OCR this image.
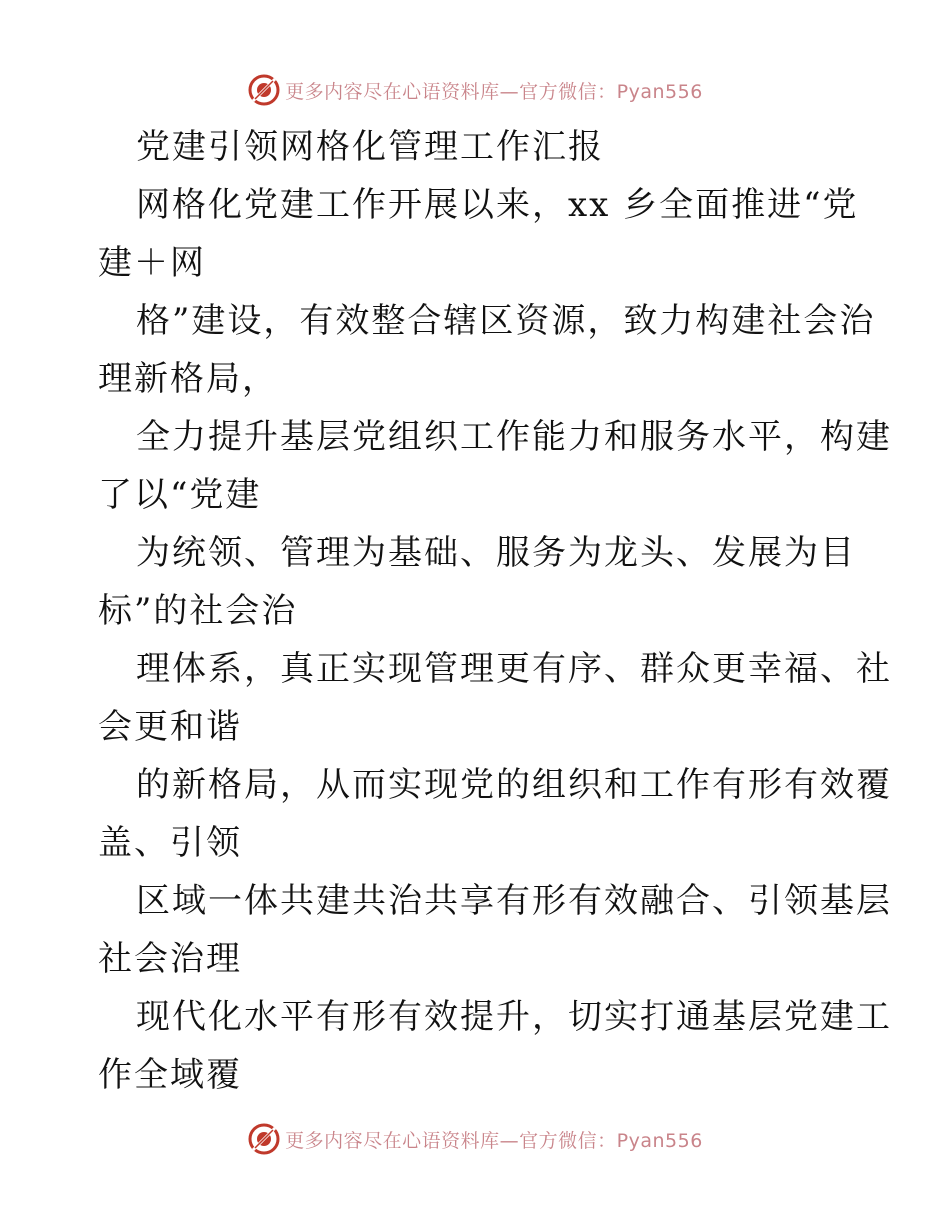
更多内容尽在心语资料库—官方微信：Pyan556
党建引领网格化管理工作汇报
网格化党建工作开展以来，xx 乡全面推进“党
建＋网
格”建设，有效整合辖区资源，致力构建社会治
理新格局，
全力提升基层党组织工作能力和服务水平，构建
了以“党建
为统领、管理为基础、服务为龙头、发展为目
标”的社会治
理体系，真正实现管理更有序、群众更幸福、社
会更和谐
的新格局，从而实现党的组织和工作有形有效覆
盖、引领
区域一体共建共治共享有形有效融合、引领基层
社会治理
现代化水平有形有效提升，切实打通基层党建工
作全域覆
更多内容尽在心语资料库—官方微信：Pyan556
